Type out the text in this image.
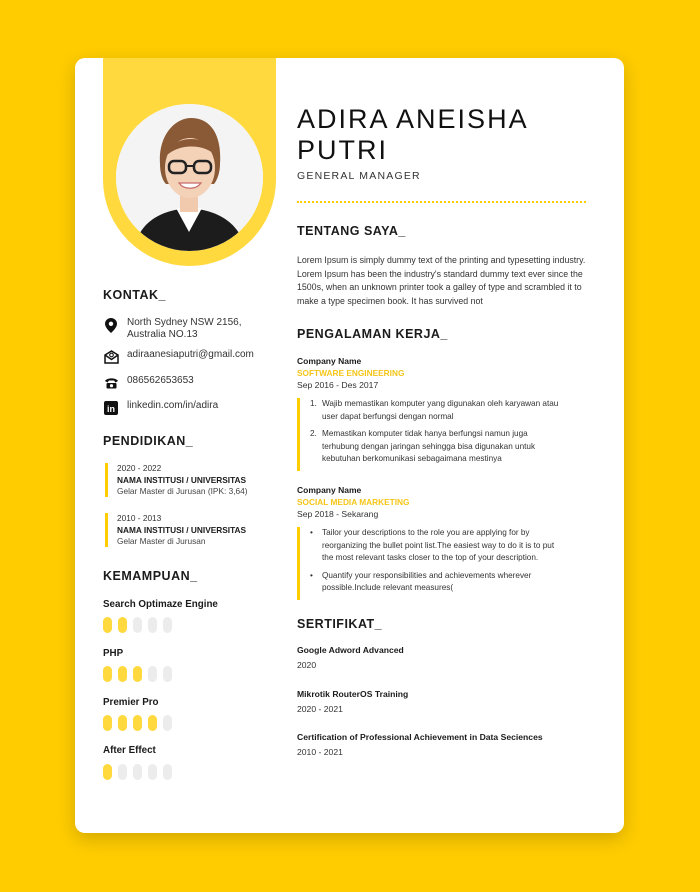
KONTAK_
North Sydney NSW 2156,
Australia NO.13
adiraanesiaputri@gmail.com
086562653653
in linkedin.com/in/adira
PENDIDIKAN_
2020 - 2022
NAMA INSTITUSI / UNIVERSITAS
Gelar Master di Jurusan (IPK: 3,64)
2010 - 2013
NAMA INSTITUSI / UNIVERSITAS
Gelar Master di Jurusan
KEMAMPUAN_
Search Optimaze Engine
PHP
Premier Pro
After Effect
ADIRA ANEISHA
PUTRI
GENERAL MANAGER
TENTANG SAYA_
Lorem Ipsum is simply dummy text of the printing and typesetting industry. Lorem Ipsum has been the industry's standard dummy text ever since the 1500s, when an unknown printer took a galley of type and scrambled it to make a type specimen book. It has survived not
PENGALAMAN KERJA_
Company Name
SOFTWARE ENGINEERING
Sep 2016 - Des 2017
1. Wajib memastikan komputer yang digunakan oleh karyawan atau user dapat berfungsi dengan normal
2. Memastikan komputer tidak hanya berfungsi namun juga terhubung dengan jaringan sehingga bisa digunakan untuk kebutuhan berkomunikasi sebagaimana mestinya
Company Name
SOCIAL MEDIA MARKETING
Sep 2018 - Sekarang
•	Tailor your descriptions to the role you are applying for by reorganizing the bullet point list.The easiest way to do it is to put the most relevant tasks closer to the top of your description.
•	Quantify your responsibilities and achievements wherever possible.Include relevant measures(
SERTIFIKAT_
Google Adword Advanced
2020
Mikrotik RouterOS Training
2020 - 2021
Certification of Professional Achievement in Data Seciences
2010 - 2021
